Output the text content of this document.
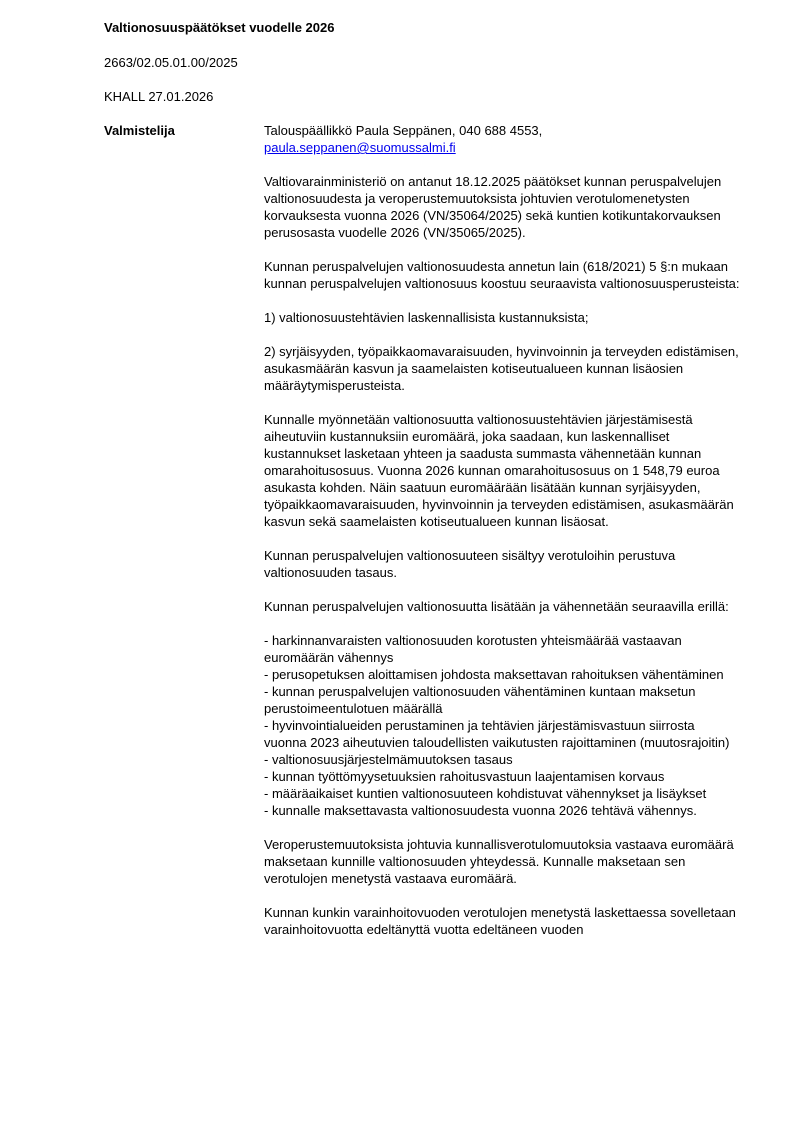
Valtionosuuspäätökset vuodelle 2026
2663/02.05.01.00/2025
KHALL 27.01.2026
Valmistelija	Talouspäällikkö Paula Seppänen, 040 688 4553,

paula.seppanen@suomussalmi.fi

Valtiovarainministeriö on antanut 18.12.2025 päätökset kunnan peruspalvelujen valtionosuudesta ja veroperustemuutoksista johtuvien verotulomenetysten korvauksesta vuonna 2026 (VN/35064/2025) sekä kuntien kotikuntakorvauksen perusosasta vuodelle 2026 (VN/35065/2025).

Kunnan peruspalvelujen valtionosuudesta annetun lain (618/2021) 5 §:n mukaan kunnan peruspalvelujen valtionosuus koostuu seuraavista valtionosuusperusteista:

1) valtionosuustehtävien laskennallisista kustannuksista;

2) syrjäisyyden, työpaikkaomavaraisuuden, hyvinvoinnin ja terveyden edistämisen, asukasmäärän kasvun ja saamelaisten kotiseutualueen kunnan lisäosien määräytymisperusteista.

Kunnalle myönnetään valtionosuutta valtionosuustehtävien järjestämisestä aiheutuviin kustannuksiin euromäärä, joka saadaan, kun laskennalliset kustannukset lasketaan yhteen ja saadusta summasta vähennetään kunnan omarahoitusosuus. Vuonna 2026 kunnan omarahoitusosuus on 1 548,79 euroa asukasta kohden. Näin saatuun euromäärään lisätään kunnan syrjäisyyden, työpaikkaomavaraisuuden, hyvinvoinnin ja terveyden edistämisen, asukasmäärän kasvun sekä saamelaisten kotiseutualueen kunnan lisäosat.

Kunnan peruspalvelujen valtionosuuteen sisältyy verotuloihin perustuva valtionosuuden tasaus.

Kunnan peruspalvelujen valtionosuutta lisätään ja vähennetään seuraavilla erillä:

- harkinnanvaraisten valtionosuuden korotusten yhteismäärää vastaavan euromäärän vähennys
- perusopetuksen aloittamisen johdosta maksettavan rahoituksen vähentäminen
- kunnan peruspalvelujen valtionosuuden vähentäminen kuntaan maksetun perustoimeentulotuen määrällä
- hyvinvointialueiden perustaminen ja tehtävien järjestämisvastuun siirrosta vuonna 2023 aiheutuvien taloudellisten vaikutusten rajoittaminen (muutosrajoitin)
- valtionosuusjärjestelmämuutoksen tasaus
- kunnan työttömyysetuuksien rahoitusvastuun laajentamisen korvaus
- määräaikaiset kuntien valtionosuuteen kohdistuvat vähennykset ja lisäykset
- kunnalle maksettavasta valtionosuudesta vuonna 2026 tehtävä vähennys.

Veroperustemuutoksista johtuvia kunnallisverotulomuutoksia vastaava euromäärä maksetaan kunnille valtionosuuden yhteydessä. Kunnalle maksetaan sen verotulojen menetystä vastaava euromäärä.

Kunnan kunkin varainhoitovuoden verotulojen menetystä laskettaessa sovelletaan varainhoitovuotta edeltänyttä vuotta edeltäneen vuoden
